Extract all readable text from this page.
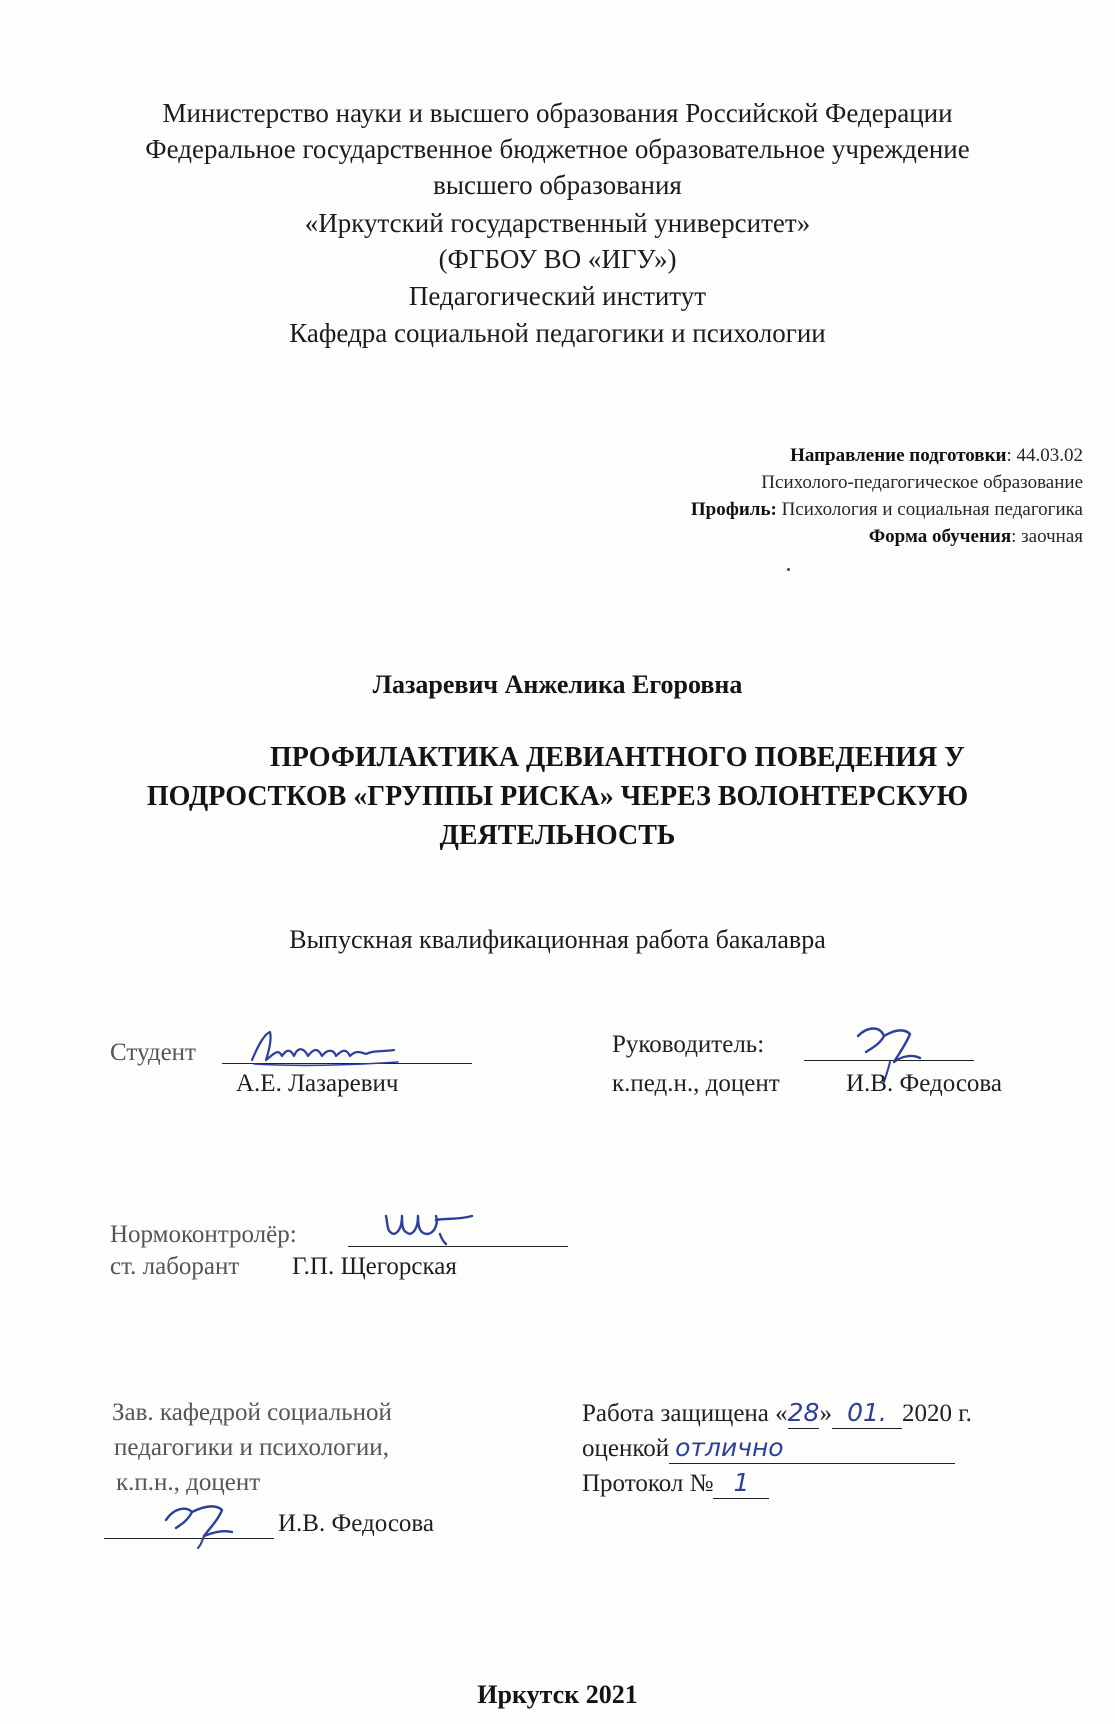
Министерство науки и высшего образования Российской Федерации
Федеральное государственное бюджетное образовательное учреждение
высшего образования
«Иркутский государственный университет»
(ФГБОУ ВО «ИГУ»)
Педагогический институт
Кафедра социальной педагогики и психологии
Направление подготовки: 44.03.02
Психолого-педагогическое образование
Профиль: Психология и социальная педагогика
Форма обучения: заочная
Лазаревич Анжелика Егоровна
ПРОФИЛАКТИКА ДЕВИАНТНОГО ПОВЕДЕНИЯ У
ПОДРОСТКОВ «ГРУППЫ РИСКА» ЧЕРЕЗ ВОЛОНТЕРСКУЮ
ДЕЯТЕЛЬНОСТЬ
Выпускная квалификационная работа бакалавра
Студент
А.Е. Лазаревич
Руководитель:
к.пед.н., доцент	И.В. Федосова
Нормоконтролёр:
ст. лаборант Г.П. Щегорская
Зав. кафедрой социальной
педагогики и психологии,
к.п.н., доцент
И.В. Федосова
Работа защищена «28» 01. 2020 г.
оценкой отлично
Протокол № 1
Иркутск 2021
